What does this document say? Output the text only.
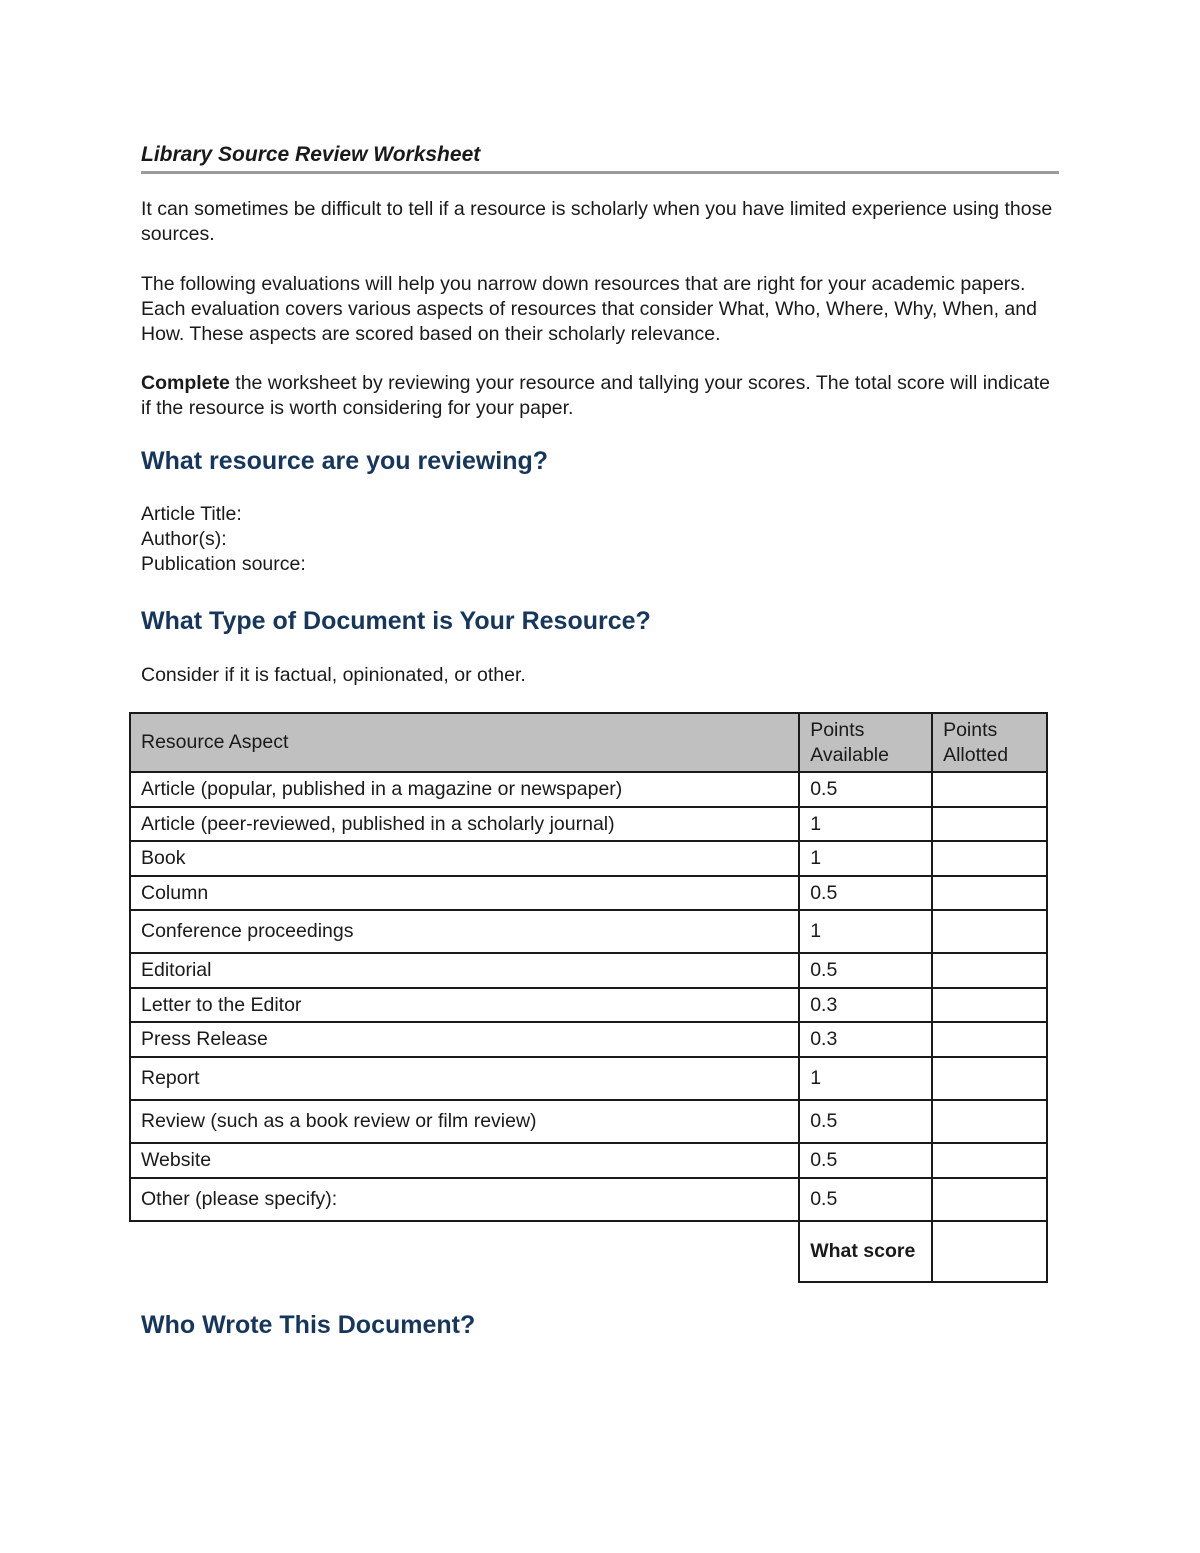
Library Source Review Worksheet

It can sometimes be difficult to tell if a resource is scholarly when you have limited experience using those sources.

The following evaluations will help you narrow down resources that are right for your academic papers. Each evaluation covers various aspects of resources that consider What, Who, Where, Why, When, and How. These aspects are scored based on their scholarly relevance.

Complete the worksheet by reviewing your resource and tallying your scores. The total score will indicate if the resource is worth considering for your paper.

What resource are you reviewing?
Article Title:
Author(s):
Publication source:
What Type of Document is Your Resource?
Consider if it is factual, opinionated, or other.
Resource Aspect	Points Available	Points Allotted
Article (popular, published in a magazine or newspaper)	0.5	
Article (peer-reviewed, published in a scholarly journal)	1	
Book	1	
Column	0.5	
Conference proceedings	1	
Editorial	0.5	
Letter to the Editor	0.3	
Press Release	0.3	
Report	1	
Review (such as a book review or film review)	0.5	
Website	0.5	
Other (please specify):	0.5	
	What score	
Who Wrote This Document?
